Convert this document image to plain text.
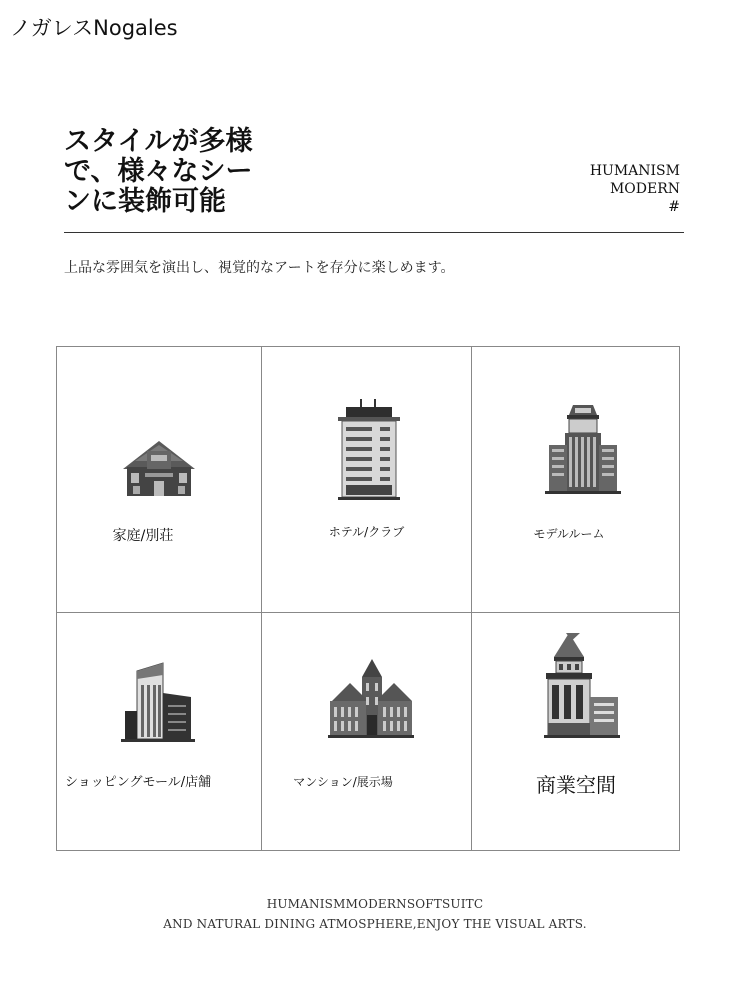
ノガレスNogales
スタイルが多様
で、様々なシー
ンに装飾可能
HUMANISM
MODERN
#
上品な雰囲気を演出し、視覚的なアートを存分に楽しめます。
家庭/別荘	ホテル/クラブ	モデルルーム
ショッピングモール/店舗	マンション/展示場	商業空間
HUMANISMMODERNSOFTSUITC
AND NATURAL DINING ATMOSPHERE,ENJOY THE VISUAL ARTS.
